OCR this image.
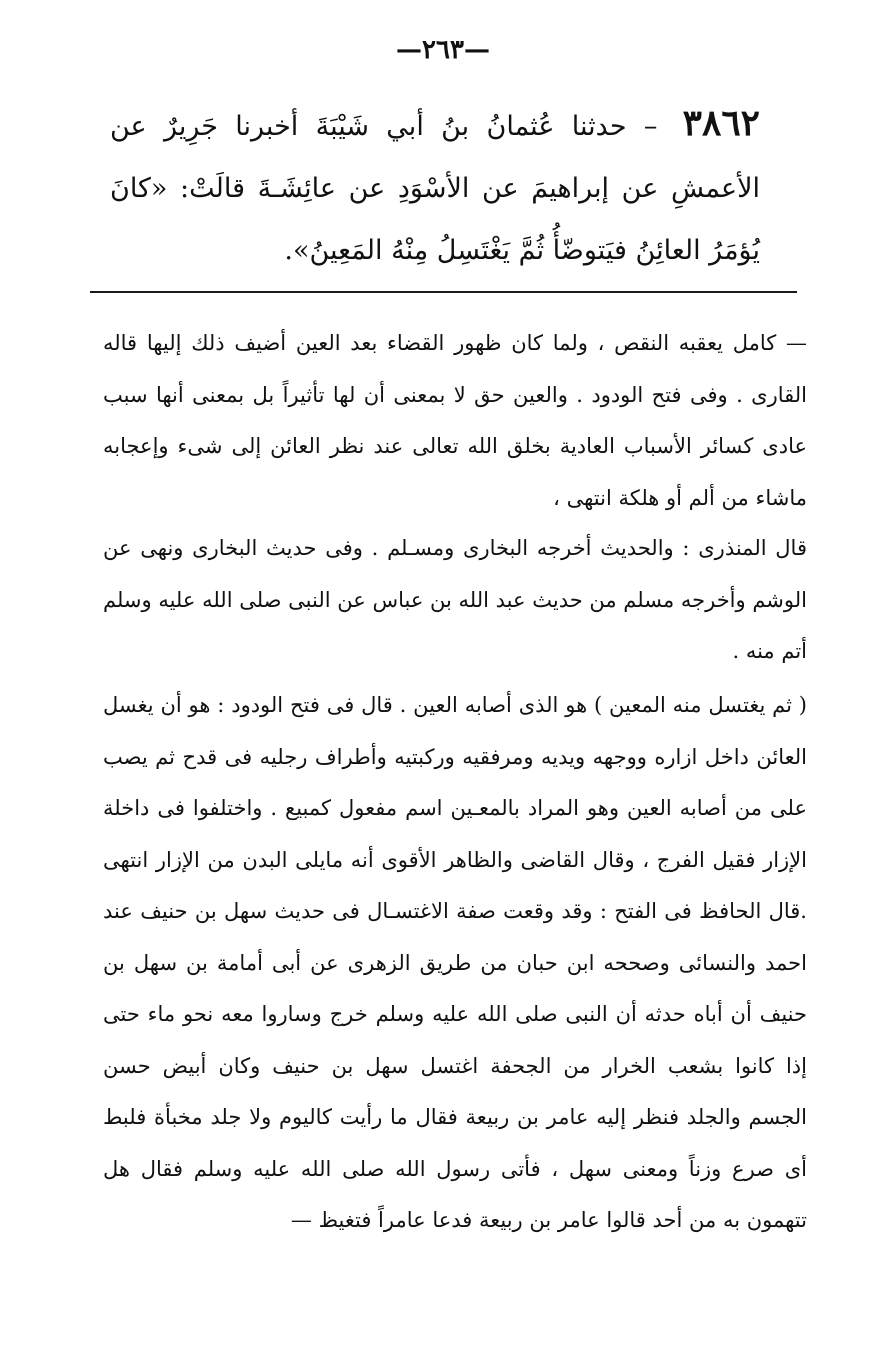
—٢٦٣—
٣٨٦٢ – حدثنا عُثمانُ بنُ أبي شَيْبَةَ أخبرنا جَرِيرٌ عن الأعمشِ عن إبراهيمَ عن الأسْوَدِ عن عائِشَـةَ قالَتْ: «كانَ يُؤمَرُ العائِنُ فيَتوضّأُ ثُمَّ يَغْتَسِلُ مِنْهُ المَعِينُ».

— كامل يعقبه النقص ، ولما كان ظهور القضاء بعد العين أضيف ذلك إليها قاله القارى . وفى فتح الودود . والعين حق لا بمعنى أن لها تأثيراً بل بمعنى أنها سبب عادى كسائر الأسباب العادية بخلق الله تعالى عند نظر العائن إلى شىء وإعجابه ماشاء من ألم أو هلكة انتهى ،

قال المنذرى : والحديث أخرجه البخارى ومسـلم . وفى حديث البخارى ونهى عن الوشم وأخرجه مسلم من حديث عبد الله بن عباس عن النبى صلى الله عليه وسلم أتم منه .

( ثم يغتسل منه المعين ) هو الذى أصابه العين . قال فى فتح الودود : هو أن يغسل العائن داخل ازاره ووجهه ويديه ومرفقيه وركبتيه وأطراف رجليه فى قدح ثم يصب على من أصابه العين وهو المراد بالمعـين اسم مفعول كمبيع . واختلفوا فى داخلة الإزار فقيل الفرج ، وقال القاضى والظاهر الأقوى أنه مايلى البدن من الإزار انتهى .قال الحافظ فى الفتح : وقد وقعت صفة الاغتسـال فى حديث سهل بن حنيف عند احمد والنسائى وصححه ابن حبان من طريق الزهرى عن أبى أمامة بن سهل بن حنيف أن أباه حدثه أن النبى صلى الله عليه وسلم خرج وساروا معه نحو ماء حتى إذا كانوا بشعب الخرار من الجحفة اغتسل سهل بن حنيف وكان أبيض حسن الجسم والجلد فنظر إليه عامر بن ربيعة فقال ما رأيت كاليوم ولا جلد مخبأة فلبط أى صرع وزناً ومعنى سهل ، فأتى رسول الله صلى الله عليه وسلم فقال هل تتهمون به من أحد قالوا عامر بن ربيعة فدعا عامراً فتغيظ —
